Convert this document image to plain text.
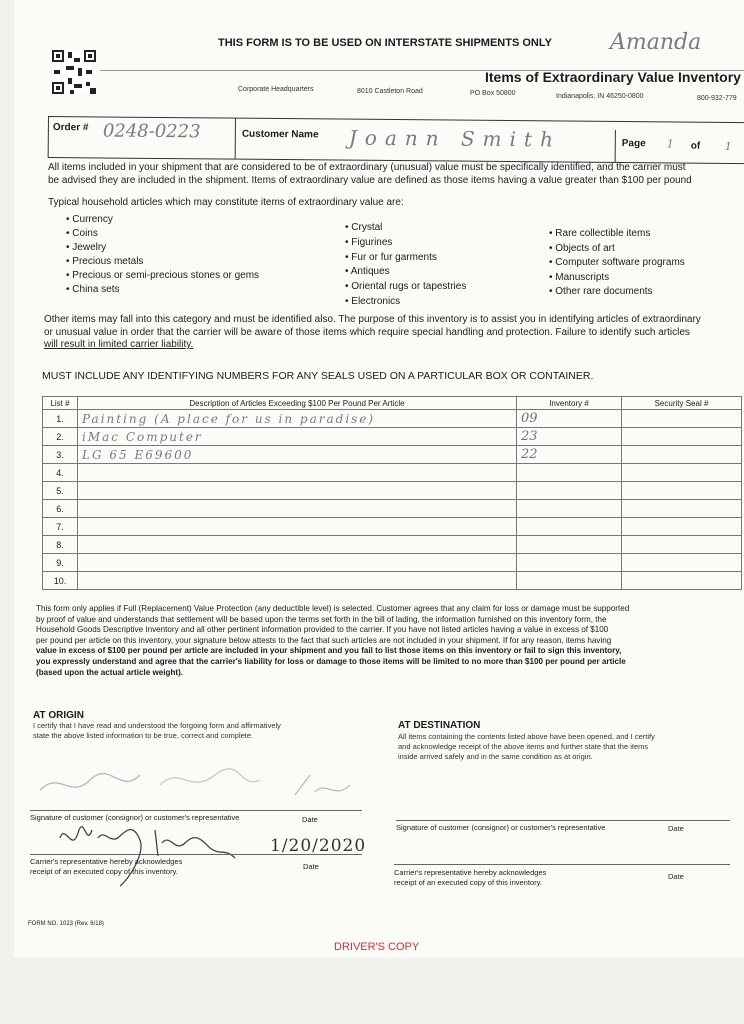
THIS FORM IS TO BE USED ON INTERSTATE SHIPMENTS ONLY	Amanda
Items of Extraordinary Value Inventory
Corporate Headquarters	8010 Castleton Road	PO Box 50800	Indianapolis, IN 46250-0800	800-932-779
Order # 0248-0223	Customer Name Joann Smith	Page 1 of 1
All items included in your shipment that are considered to be of extraordinary (unusual) value must be specifically identified, and the carrier must
be advised they are included in the shipment. Items of extraordinary value are defined as those items having a value greater than $100 per pound
Typical household articles which may constitute items of extraordinary value are:
• Currency
• Coins
• Jewelry
• Precious metals
• Precious or semi-precious stones or gems
• China sets
• Crystal
• Figurines
• Fur or fur garments
• Antiques
• Oriental rugs or tapestries
• Electronics
• Rare collectible items
• Objects of art
• Computer software programs
• Manuscripts
• Other rare documents
Other items may fall into this category and must be identified also. The purpose of this inventory is to assist you in identifying articles of extraordinary
or unusual value in order that the carrier will be aware of those items which require special handling and protection. Failure to identify such articles
will result in limited carrier liability.
MUST INCLUDE ANY IDENTIFYING NUMBERS FOR ANY SEALS USED ON A PARTICULAR BOX OR CONTAINER.
List #	Description of Articles Exceeding $100 Per Pound Per Article	Inventory #	Security Seal #
1.	Painting (A place for us in paradise)	09	
2.	iMac Computer	23	
3.	LG 65 E69600	22	
4.			
5.			
6.			
7.			
8.			
9.			
10.			
This form only applies if Full (Replacement) Value Protection (any deductible level) is selected. Customer agrees that any claim for loss or damage must be supported
by proof of value and understands that settlement will be based upon the terms set forth in the bill of lading, the information furnished on this inventory form, the
Household Goods Descriptive Inventory and all other pertinent information provided to the carrier. If you have not listed articles having a value in excess of $100
per pound per article on this inventory, your signature below attests to the fact that such articles are not included in your shipment. If for any reason, items having
value in excess of $100 per pound per article are included in your shipment and you fail to list those items on this inventory or fail to sign this inventory,
you expressly understand and agree that the carrier's liability for loss or damage to those items will be limited to no more than $100 per pound per article
(based upon the actual article weight).
AT ORIGIN
I certify that I have read and understood the forgoing form and affirmatively
state the above listed information to be true, correct and complete.
Signature of customer (consignor) or customer's representative	Date
1/20/2020
Carrier's representative hereby acknowledges
receipt of an executed copy of this inventory.
Date
AT DESTINATION
All items containing the contents listed above have been opened, and I certify
and acknowledge receipt of the above items and further state that the items
inside arrived safely and in the same condition as at origin.
Signature of customer (consignor) or customer's representative	Date
Carrier's representative hereby acknowledges
receipt of an executed copy of this inventory.
Date
FORM NO. 1023 (Rev. 6/18)
DRIVER'S COPY
